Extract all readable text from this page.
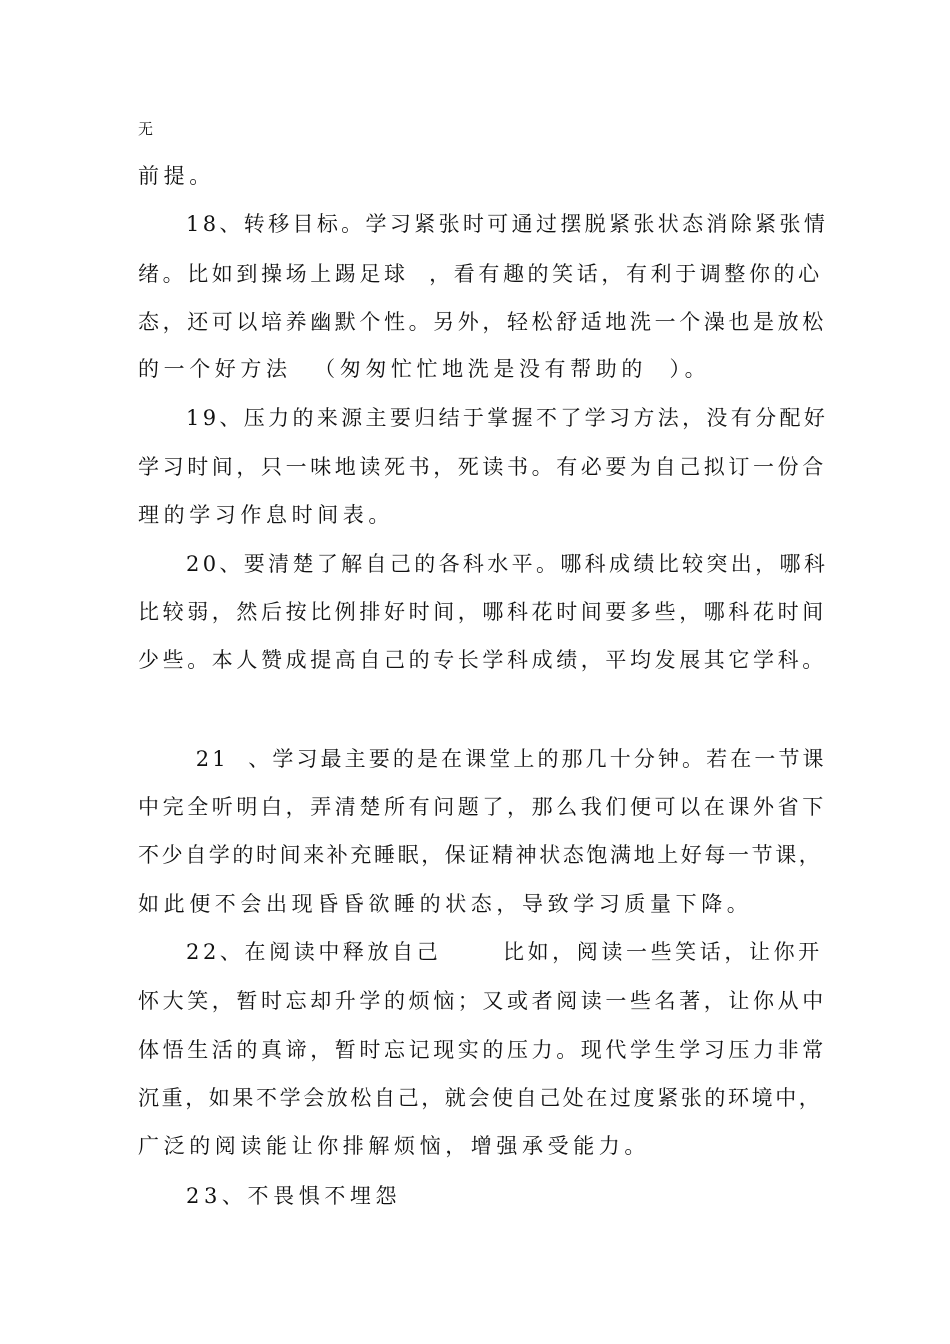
无
前提。
18、转移目标。学习紧张时可通过摆脱紧张状态消除紧张情
绪。比如到操场上踢足球  ，看有趣的笑话，有利于调整你的心
态，还可以培养幽默个性。另外，轻松舒适地洗一个澡也是放松
的一个好方法  （匆匆忙忙地洗是没有帮助的  ）。
19、压力的来源主要归结于掌握不了学习方法，没有分配好
学习时间，只一味地读死书，死读书。有必要为自己拟订一份合
理的学习作息时间表。
20、要清楚了解自己的各科水平。哪科成绩比较突出，哪科
比较弱，然后按比例排好时间，哪科花时间要多些，哪科花时间
少些。本人赞成提高自己的专长学科成绩，平均发展其它学科。
21  、学习最主要的是在课堂上的那几十分钟。若在一节课
中完全听明白，弄清楚所有问题了，那么我们便可以在课外省下
不少自学的时间来补充睡眠，保证精神状态饱满地上好每一节课，
如此便不会出现昏昏欲睡的状态，导致学习质量下降。
22、在阅读中释放自己      比如，阅读一些笑话，让你开
怀大笑，暂时忘却升学的烦恼；又或者阅读一些名著，让你从中
体悟生活的真谛，暂时忘记现实的压力。现代学生学习压力非常
沉重，如果不学会放松自己，就会使自己处在过度紧张的环境中，
广泛的阅读能让你排解烦恼，增强承受能力。
23、不畏惧不埋怨
